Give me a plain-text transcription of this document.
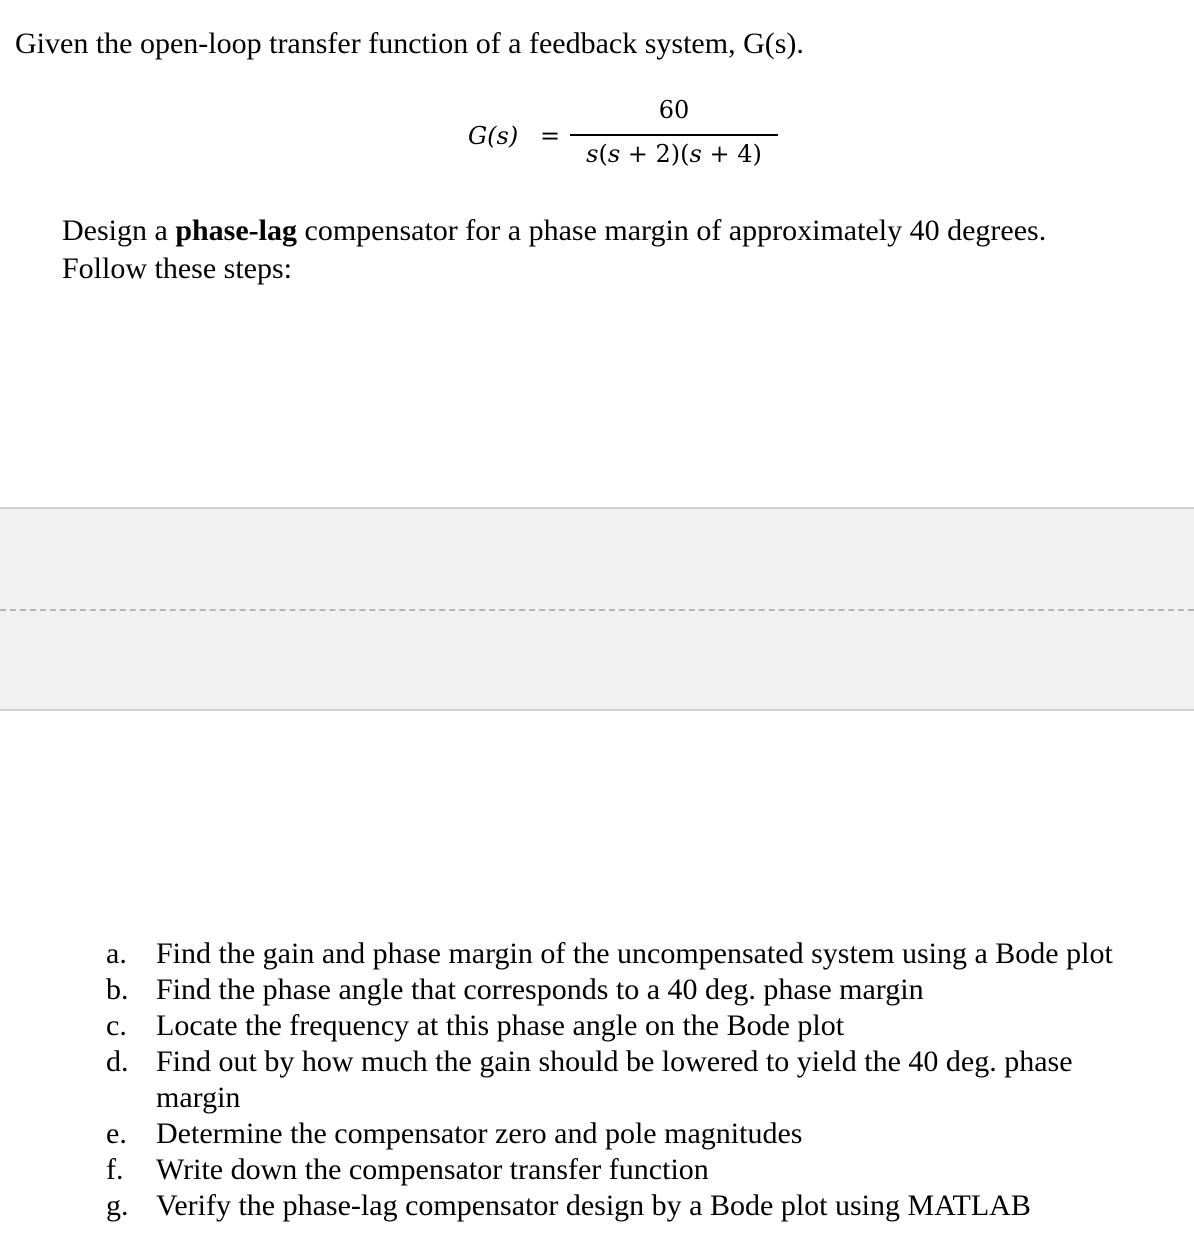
Given the open-loop transfer function of a feedback system, G(s).
G(s) =
60
s(s + 2)(s + 4)
Design a phase-lag compensator for a phase margin of approximately 40 degrees.
Follow these steps:
a. Find the gain and phase margin of the uncompensated system using a Bode plot
b. Find the phase angle that corresponds to a 40 deg. phase margin
c. Locate the frequency at this phase angle on the Bode plot
d. Find out by how much the gain should be lowered to yield the 40 deg. phase margin
e. Determine the compensator zero and pole magnitudes
f.	Write down the compensator transfer function
g. Verify the phase-lag compensator design by a Bode plot using MATLAB
